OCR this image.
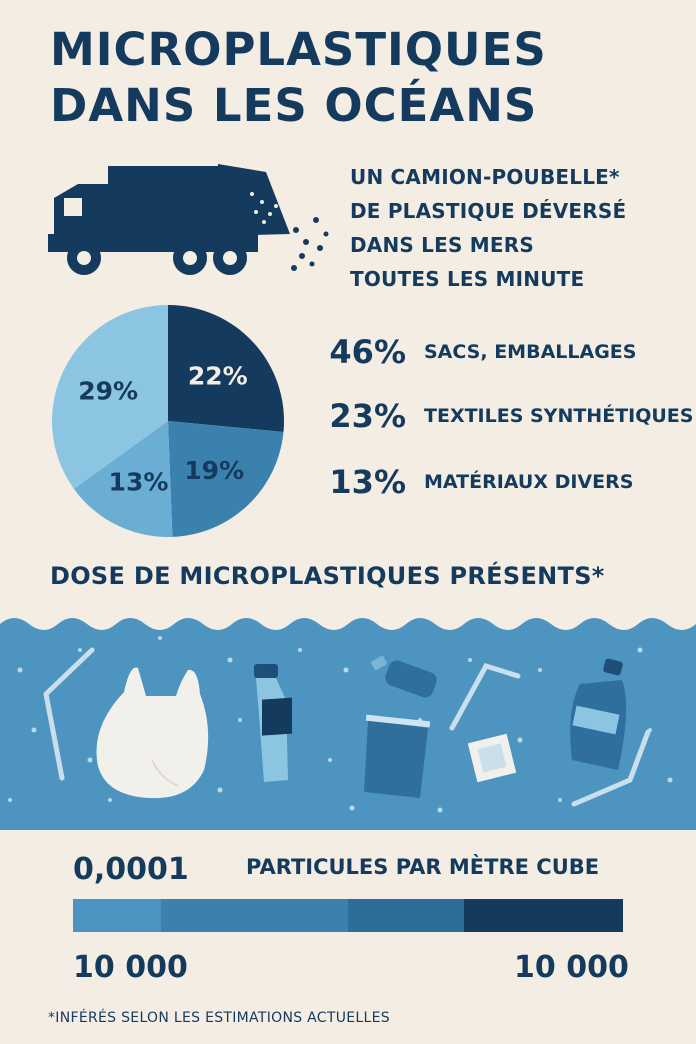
MICROPLASTIQUES
DANS LES OCÉANS
UN CAMION-POUBELLE*
DE PLASTIQUE DÉVERSÉ
DANS LES MERS
TOUTES LES MINUTE
22%
19%
13%
29%
46% SACS, EMBALLAGES
23% TEXTILES SYNTHÉTIQUES
13% MATÉRIAUX DIVERS
DOSE DE MICROPLASTIQUES PRÉSENTS*
0,0001	PARTICULES PAR MÈTRE CUBE
10 000	10 000
*INFÉRÉS SELON LES ESTIMATIONS ACTUELLES
